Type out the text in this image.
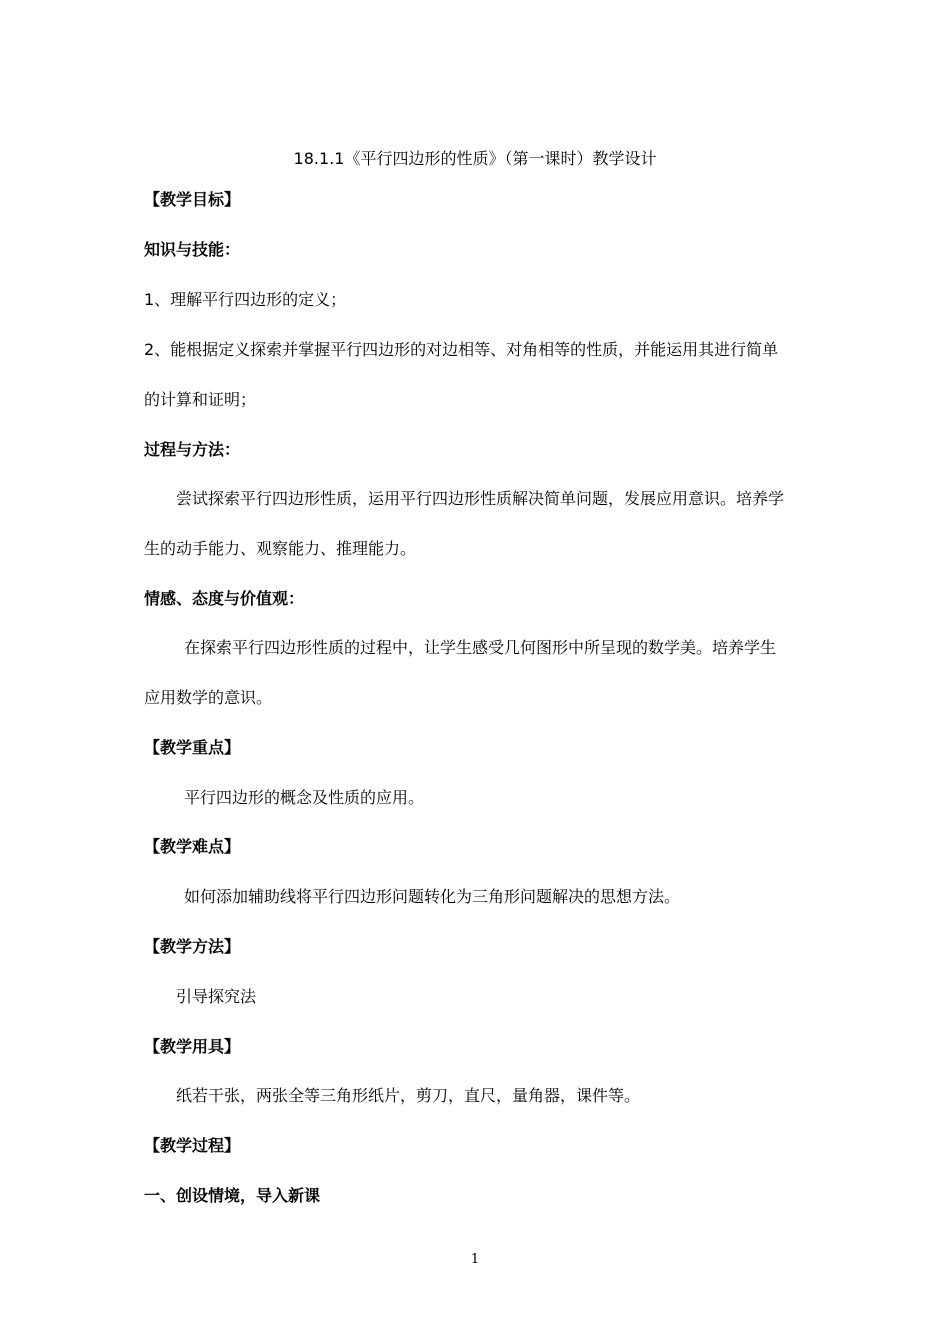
18.1.1《平行四边形的性质》（第一课时）教学设计
【教学目标】
知识与技能：
1、理解平行四边形的定义；
2、能根据定义探索并掌握平行四边形的对边相等、对角相等的性质，并能运用其进行简单
的计算和证明；
过程与方法：
尝试探索平行四边形性质，运用平行四边形性质解决简单问题，发展应用意识。培养学
生的动手能力、观察能力、推理能力。
情感、态度与价值观：
在探索平行四边形性质的过程中，让学生感受几何图形中所呈现的数学美。培养学生
应用数学的意识。
【教学重点】
平行四边形的概念及性质的应用。
【教学难点】
如何添加辅助线将平行四边形问题转化为三角形问题解决的思想方法。
【教学方法】
引导探究法
【教学用具】
纸若干张，两张全等三角形纸片，剪刀，直尺，量角器，课件等。
【教学过程】
一、创设情境，导入新课
1
